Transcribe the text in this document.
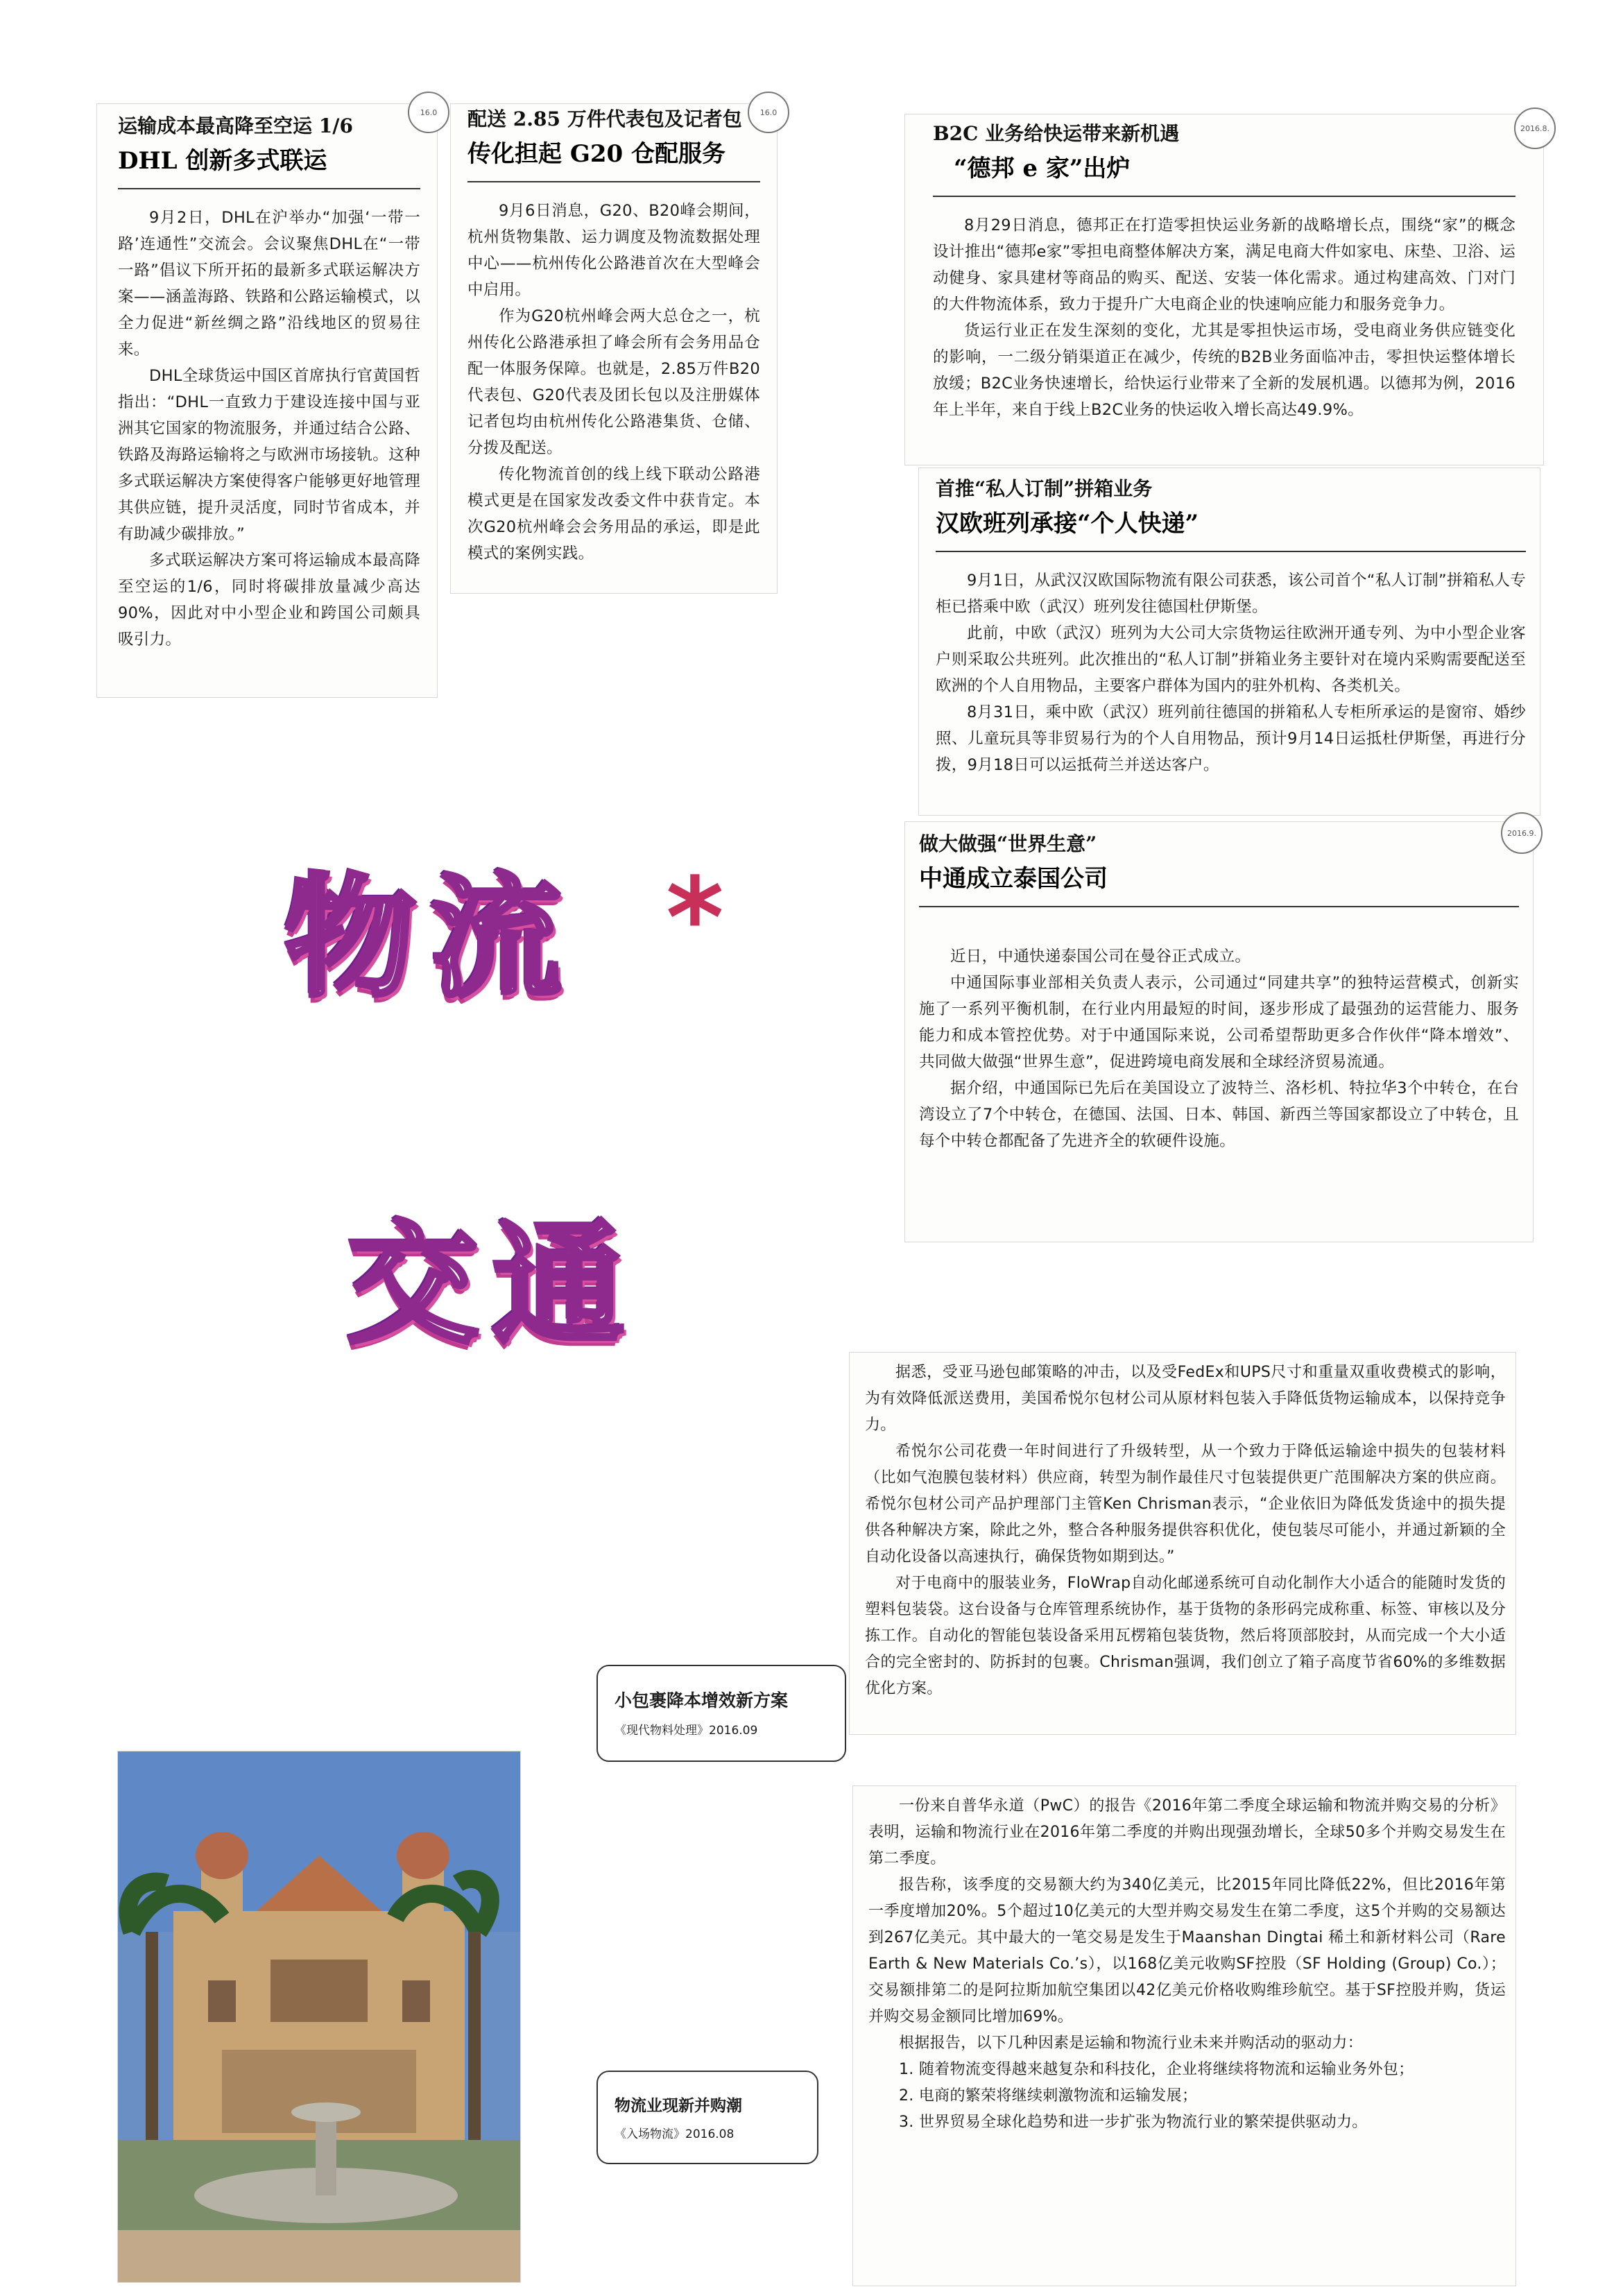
16.0

运输成本最高降至空运 1/6

DHL 创新多式联运

9月2日，DHL在沪举办“加强‘一带一路’连通性”交流会。会议聚焦DHL在“一带一路”倡议下所开拓的最新多式联运解决方案——涵盖海路、铁路和公路运输模式，以全力促进“新丝绸之路”沿线地区的贸易往来。

DHL全球货运中国区首席执行官黄国哲指出：“DHL一直致力于建设连接中国与亚洲其它国家的物流服务，并通过结合公路、铁路及海路运输将之与欧洲市场接轨。这种多式联运解决方案使得客户能够更好地管理其供应链，提升灵活度，同时节省成本，并有助减少碳排放。”

多式联运解决方案可将运输成本最高降至空运的1/6，同时将碳排放量减少高达90%，因此对中小型企业和跨国公司颇具吸引力。

16.0

配送 2.85 万件代表包及记者包

传化担起 G20 仓配服务

9月6日消息，G20、B20峰会期间，杭州货物集散、运力调度及物流数据处理中心——杭州传化公路港首次在大型峰会中启用。

作为G20杭州峰会两大总仓之一，杭州传化公路港承担了峰会所有会务用品仓配一体服务保障。也就是，2.85万件B20代表包、G20代表及团长包以及注册媒体记者包均由杭州传化公路港集货、仓储、分拨及配送。

传化物流首创的线上线下联动公路港模式更是在国家发改委文件中获肯定。本次G20杭州峰会会务用品的承运，即是此模式的案例实践。

2016.8.

B2C 业务给快运带来新机遇

“德邦 e 家”出炉

8月29日消息，德邦正在打造零担快运业务新的战略增长点，围绕“家”的概念设计推出“德邦e家”零担电商整体解决方案，满足电商大件如家电、床垫、卫浴、运动健身、家具建材等商品的购买、配送、安装一体化需求。通过构建高效、门对门的大件物流体系，致力于提升广大电商企业的快速响应能力和服务竞争力。

货运行业正在发生深刻的变化，尤其是零担快运市场，受电商业务供应链变化的影响，一二级分销渠道正在减少，传统的B2B业务面临冲击，零担快运整体增长放缓；B2C业务快速增长，给快运行业带来了全新的发展机遇。以德邦为例，2016年上半年，来自于线上B2C业务的快运收入增长高达49.9%。

首推“私人订制”拼箱业务

汉欧班列承接“个人快递”

9月1日，从武汉汉欧国际物流有限公司获悉，该公司首个“私人订制”拼箱私人专柜已搭乘中欧（武汉）班列发往德国杜伊斯堡。

此前，中欧（武汉）班列为大公司大宗货物运往欧洲开通专列、为中小型企业客户则采取公共班列。此次推出的“私人订制”拼箱业务主要针对在境内采购需要配送至欧洲的个人自用物品，主要客户群体为国内的驻外机构、各类机关。

8月31日，乘中欧（武汉）班列前往德国的拼箱私人专柜所承运的是窗帘、婚纱照、儿童玩具等非贸易行为的个人自用物品，预计9月14日运抵杜伊斯堡，再进行分拨，9月18日可以运抵荷兰并送达客户。

2016.9.

做大做强“世界生意”

中通成立泰国公司

近日，中通快递泰国公司在曼谷正式成立。

中通国际事业部相关负责人表示，公司通过“同建共享”的独特运营模式，创新实施了一系列平衡机制，在行业内用最短的时间，逐步形成了最强劲的运营能力、服务能力和成本管控优势。对于中通国际来说，公司希望帮助更多合作伙伴“降本增效”、共同做大做强“世界生意”，促进跨境电商发展和全球经济贸易流通。

据介绍，中通国际已先后在美国设立了波特兰、洛杉机、特拉华3个中转仓，在台湾设立了7个中转仓，在德国、法国、日本、韩国、新西兰等国家都设立了中转仓，且每个中转仓都配备了先进齐全的软硬件设施。

物流 *
交通

据悉，受亚马逊包邮策略的冲击，以及受FedEx和UPS尺寸和重量双重收费模式的影响，为有效降低派送费用，美国希悦尔包材公司从原材料包装入手降低货物运输成本，以保持竞争力。

希悦尔公司花费一年时间进行了升级转型，从一个致力于降低运输途中损失的包装材料（比如气泡膜包装材料）供应商，转型为制作最佳尺寸包装提供更广范围解决方案的供应商。希悦尔包材公司产品护理部门主管Ken Chrisman表示，“企业依旧为降低发货途中的损失提供各种解决方案，除此之外，整合各种服务提供容积优化，使包装尽可能小，并通过新颖的全自动化设备以高速执行，确保货物如期到达。”

对于电商中的服装业务，FloWrap自动化邮递系统可自动化制作大小适合的能随时发货的塑料包装袋。这台设备与仓库管理系统协作，基于货物的条形码完成称重、标签、审核以及分拣工作。自动化的智能包装设备采用瓦楞箱包装货物，然后将顶部胶封，从而完成一个大小适合的完全密封的、防拆封的包裹。Chrisman强调，我们创立了箱子高度节省60%的多维数据优化方案。

小包裹降本增效新方案

《现代物料处理》2016.09

一份来自普华永道（PwC）的报告《2016年第二季度全球运输和物流并购交易的分析》表明，运输和物流行业在2016年第二季度的并购出现强劲增长，全球50多个并购交易发生在第二季度。

报告称，该季度的交易额大约为340亿美元，比2015年同比降低22%，但比2016年第一季度增加20%。5个超过10亿美元的大型并购交易发生在第二季度，这5个并购的交易额达到267亿美元。其中最大的一笔交易是发生于Maanshan Dingtai 稀土和新材料公司（Rare Earth & New Materials Co.’s），以168亿美元收购SF控股（SF Holding (Group) Co.）；交易额排第二的是阿拉斯加航空集团以42亿美元价格收购维珍航空。基于SF控股并购，货运并购交易金额同比增加69%。

根据报告，以下几种因素是运输和物流行业未来并购活动的驱动力：

1. 随着物流变得越来越复杂和科技化，企业将继续将物流和运输业务外包；

2. 电商的繁荣将继续刺激物流和运输发展；

3. 世界贸易全球化趋势和进一步扩张为物流行业的繁荣提供驱动力。

物流业现新并购潮

《入场物流》2016.08
